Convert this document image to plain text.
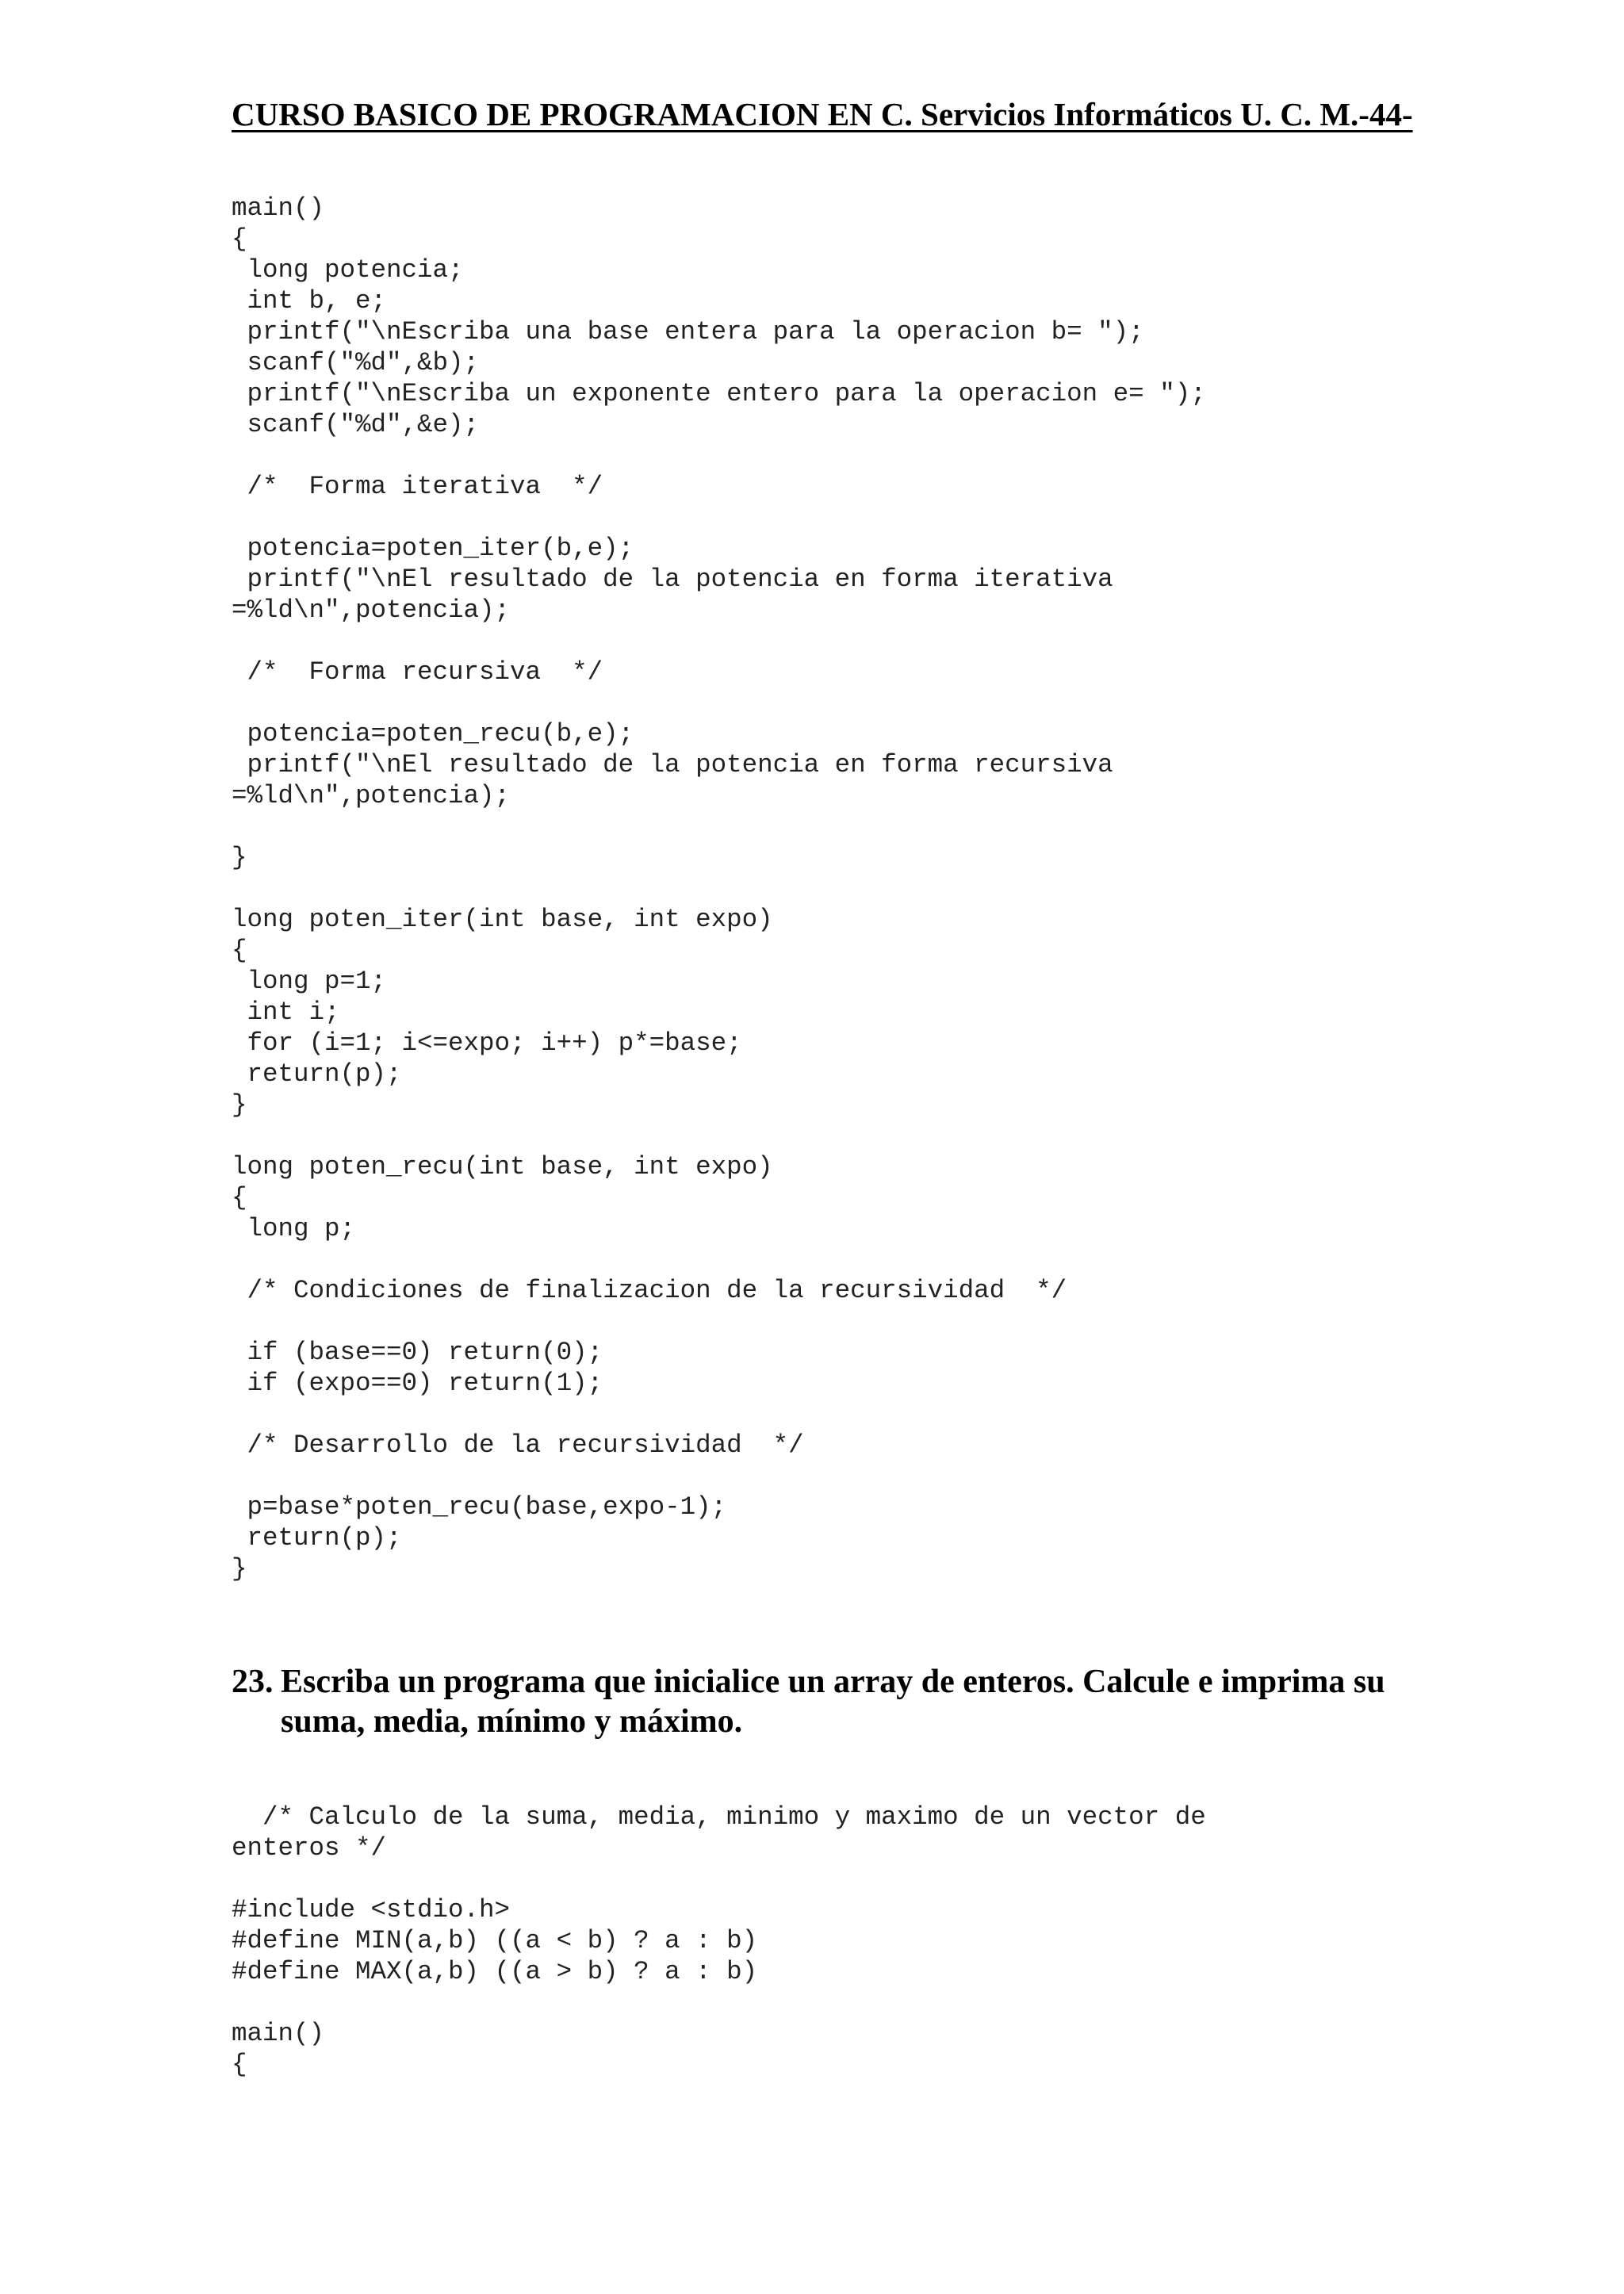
CURSO BASICO DE PROGRAMACION EN C. Servicios Informáticos U. C. M.-44-
main()
{
long potencia;
int b, e;
printf("\nEscriba una base entera para la operacion b= ");
scanf("%d",&b);
printf("\nEscriba un exponente entero para la operacion e= ");
scanf("%d",&e);

/*  Forma iterativa  */

potencia=poten_iter(b,e);
printf("\nEl resultado de la potencia en forma iterativa
=%ld\n",potencia);

/*  Forma recursiva  */

potencia=poten_recu(b,e);
printf("\nEl resultado de la potencia en forma recursiva
=%ld\n",potencia);

}

long poten_iter(int base, int expo)
{
long p=1;
int i;
for (i=1; i<=expo; i++) p*=base;
return(p);
}

long poten_recu(int base, int expo)
{
long p;

/* Condiciones de finalizacion de la recursividad  */

if (base==0) return(0);
if (expo==0) return(1);

/* Desarrollo de la recursividad  */

p=base*poten_recu(base,expo-1);
return(p);
}
23. Escriba un programa que inicialice un array de enteros. Calcule e imprima su
suma, media, mínimo y máximo.
/* Calculo de la suma, media, minimo y maximo de un vector de
enteros */

#include <stdio.h>
#define MIN(a,b) ((a < b) ? a : b)
#define MAX(a,b) ((a > b) ? a : b)

main()
{
